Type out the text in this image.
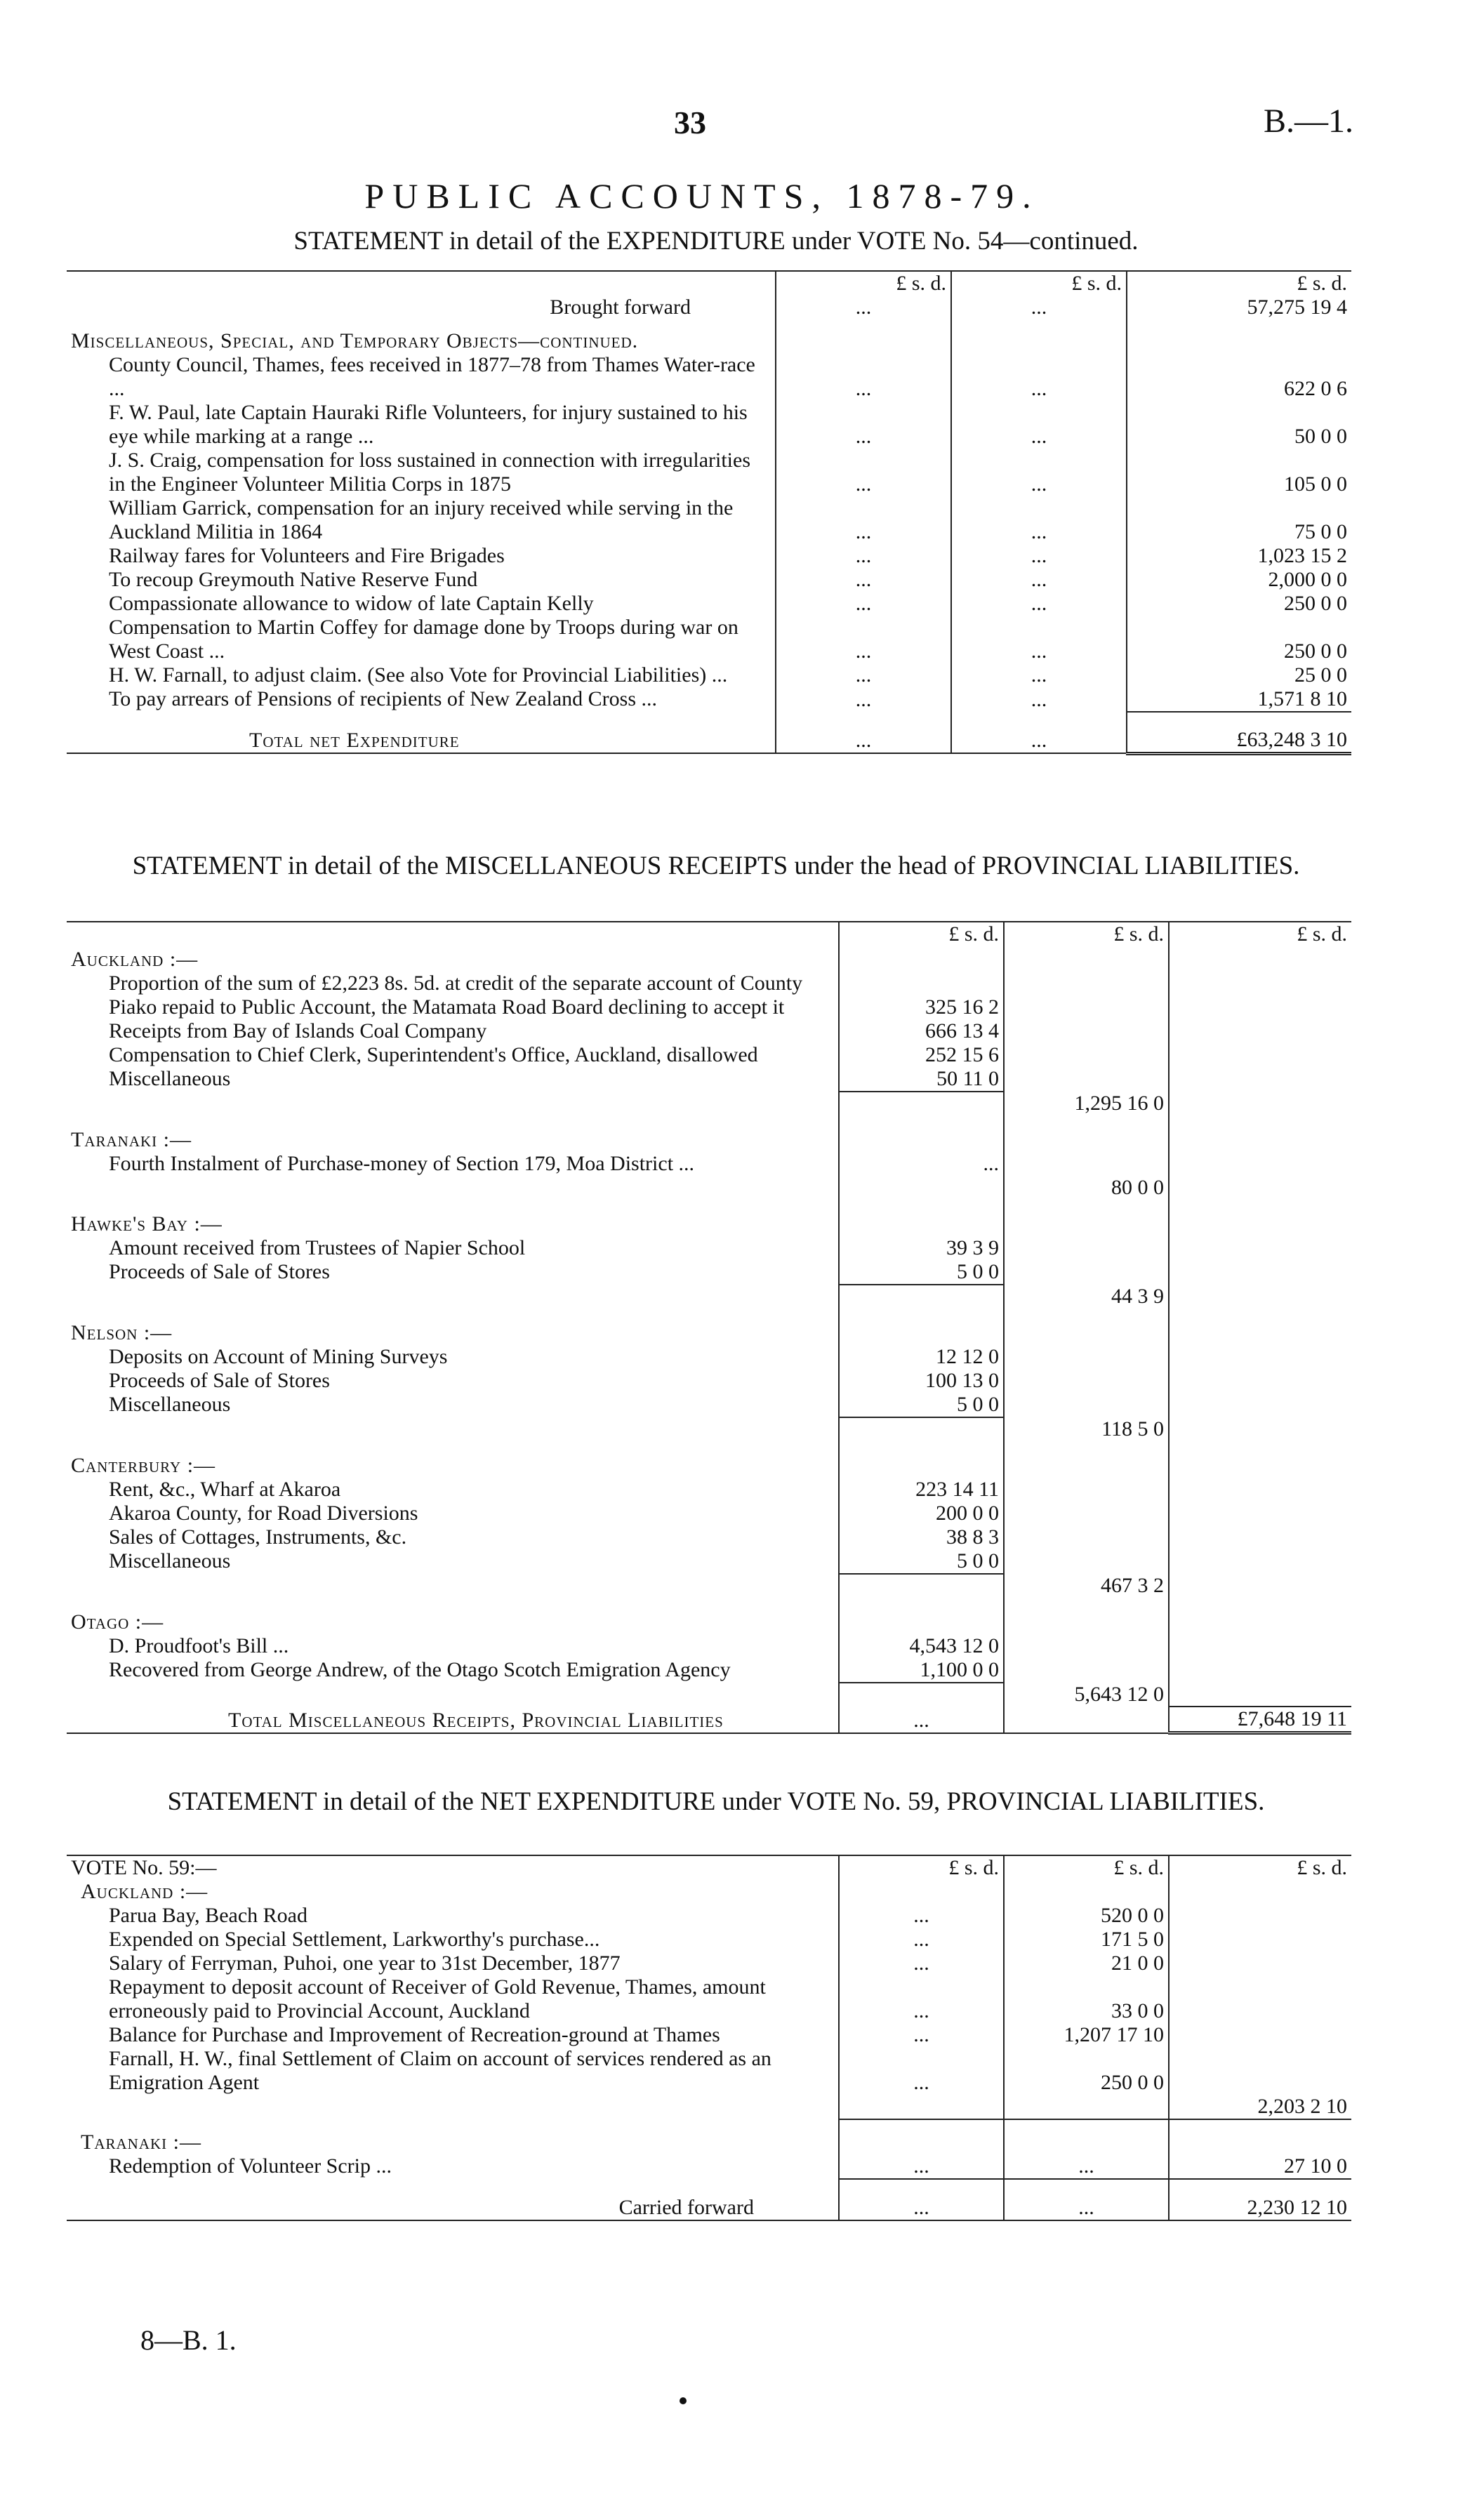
33	B.—1.
PUBLIC ACCOUNTS, 1878-79.
STATEMENT in detail of the EXPENDITURE under VOTE No. 54—continued.
	£ s. d.	£ s. d.	£ s. d.
Brought forward	...	...	57,275 19 4

Miscellaneous, Special, and Temporary Objects—continued.			
County Council, Thames, fees received in 1877–78 from Thames Water-race ...	...	...	622 0 6
F. W. Paul, late Captain Hauraki Rifle Volunteers, for injury sustained to his eye while marking at a range ...	...	...	50 0 0
J. S. Craig, compensation for loss sustained in connection with irregularities in the Engineer Volunteer Militia Corps in 1875	...	...	105 0 0
William Garrick, compensation for an injury received while serving in the Auckland Militia in 1864	...	...	75 0 0
Railway fares for Volunteers and Fire Brigades	...	...	1,023 15 2
To recoup Greymouth Native Reserve Fund	...	...	2,000 0 0
Compassionate allowance to widow of late Captain Kelly	...	...	250 0 0
Compensation to Martin Coffey for damage done by Troops during war on West Coast ...	...	...	250 0 0
H. W. Farnall, to adjust claim. (See also Vote for Provincial Liabilities) ...	...	...	25 0 0
To pay arrears of Pensions of recipients of New Zealand Cross ...	...	...	1,571 8 10
Total net Expenditure	...	...	£63,248 3 10
STATEMENT in detail of the MISCELLANEOUS RECEIPTS under the head of PROVINCIAL LIABILITIES.
	£ s. d.	£ s. d.	£ s. d.
Auckland :—			
Proportion of the sum of £2,223 8s. 5d. at credit of the separate account of County Piako repaid to Public Account, the Matamata Road Board declining to accept it	325 16 2		
Receipts from Bay of Islands Coal Company	666 13 4		
Compensation to Chief Clerk, Superintendent's Office, Auckland, disallowed	252 15 6		
Miscellaneous	50 11 0		
		1,295 16 0	
Taranaki :—			
Fourth Instalment of Purchase-money of Section 179, Moa District ...	...		
		80 0 0	
Hawke's Bay :—			
Amount received from Trustees of Napier School	39 3 9		
Proceeds of Sale of Stores	5 0 0		
		44 3 9	
Nelson :—			
Deposits on Account of Mining Surveys	12 12 0		
Proceeds of Sale of Stores	100 13 0		
Miscellaneous	5 0 0		
		118 5 0	
Canterbury :—			
Rent, &c., Wharf at Akaroa	223 14 11		
Akaroa County, for Road Diversions	200 0 0		
Sales of Cottages, Instruments, &c.	38 8 3		
Miscellaneous	5 0 0		
		467 3 2	
Otago :—			
D. Proudfoot's Bill ...	4,543 12 0		
Recovered from George Andrew, of the Otago Scotch Emigration Agency	1,100 0 0		
		5,643 12 0	
Total Miscellaneous Receipts, Provincial Liabilities	...		£7,648 19 11
STATEMENT in detail of the NET EXPENDITURE under VOTE No. 59, PROVINCIAL LIABILITIES.
VOTE No. 59:—	£ s. d.	£ s. d.	£ s. d.
Auckland :—			
Parua Bay, Beach Road	...	520 0 0	
Expended on Special Settlement, Larkworthy's purchase...	...	171 5 0	
Salary of Ferryman, Puhoi, one year to 31st December, 1877	...	21 0 0	
Repayment to deposit account of Receiver of Gold Revenue, Thames, amount erroneously paid to Provincial Account, Auckland	...	33 0 0	
Balance for Purchase and Improvement of Recreation-ground at Thames	...	1,207 17 10	
Farnall, H. W., final Settlement of Claim on account of services rendered as an Emigration Agent	...	250 0 0	
			2,203 2 10
Taranaki :—			
Redemption of Volunteer Scrip ...	...	...	27 10 0
Carried forward	...	...	2,230 12 10
8—B. 1.
